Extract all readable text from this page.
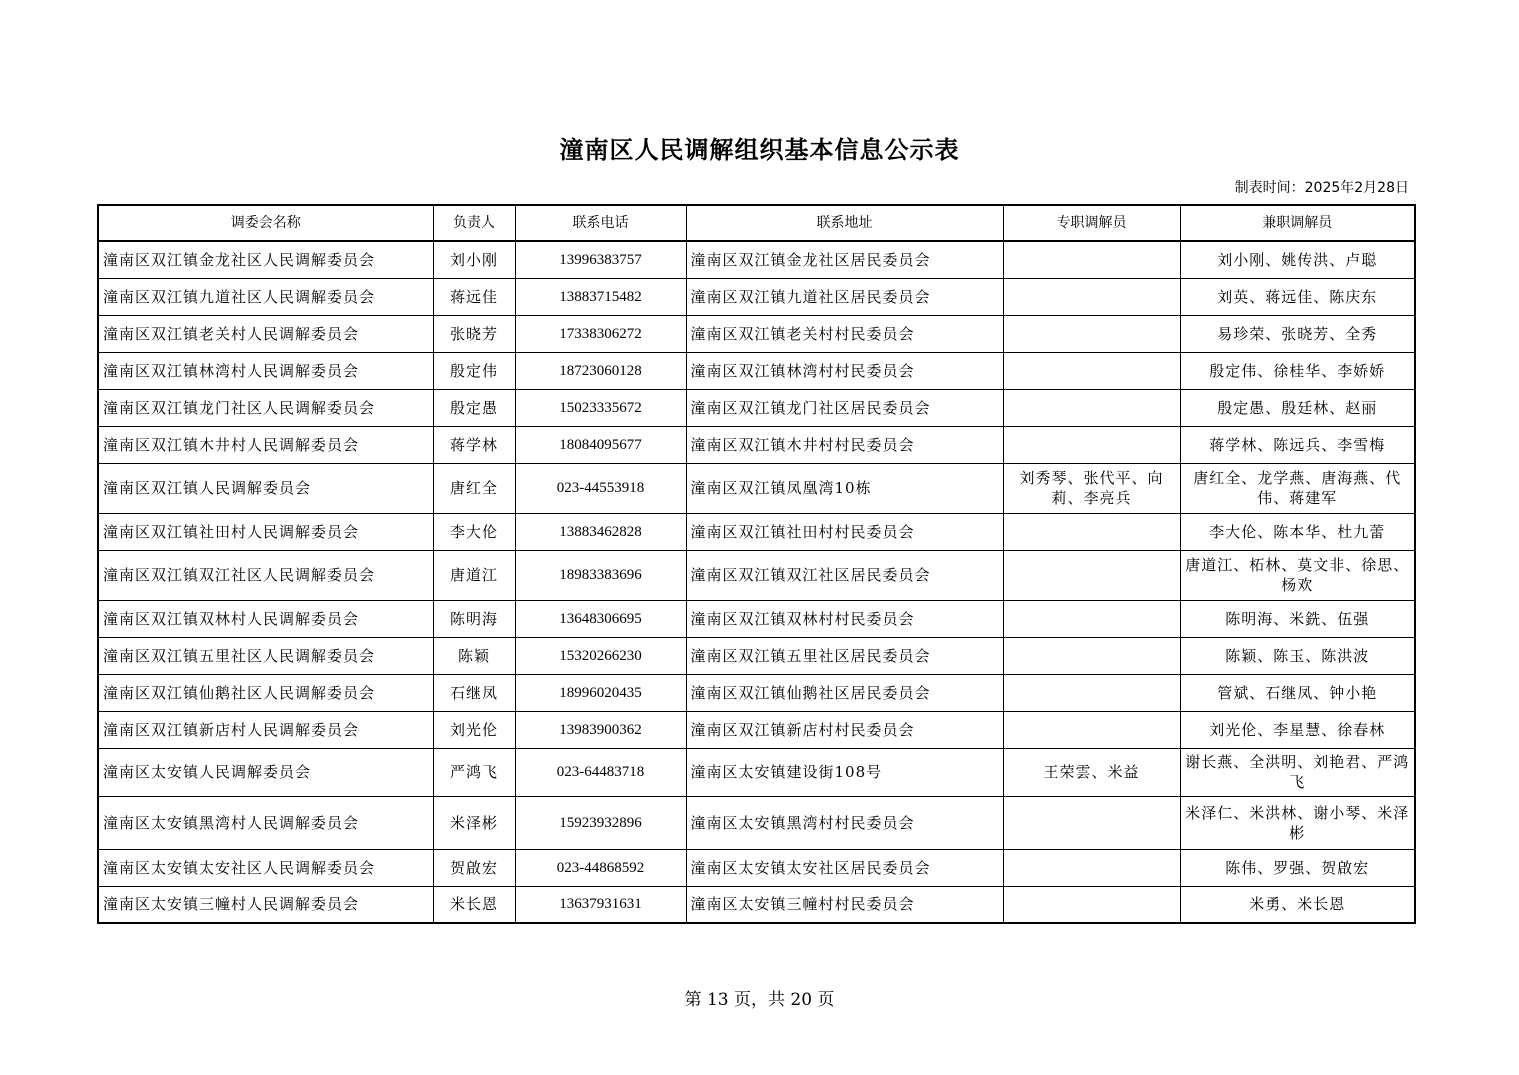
潼南区人民调解组织基本信息公示表
制表时间：2025年2月28日
调委会名称	负责人	联系电话	联系地址	专职调解员	兼职调解员
潼南区双江镇金龙社区人民调解委员会	刘小刚	13996383757	潼南区双江镇金龙社区居民委员会		刘小刚、姚传洪、卢聪
潼南区双江镇九道社区人民调解委员会	蒋远佳	13883715482	潼南区双江镇九道社区居民委员会		刘英、蒋远佳、陈庆东
潼南区双江镇老关村人民调解委员会	张晓芳	17338306272	潼南区双江镇老关村村民委员会		易珍荣、张晓芳、全秀
潼南区双江镇林湾村人民调解委员会	殷定伟	18723060128	潼南区双江镇林湾村村民委员会		殷定伟、徐桂华、李娇娇
潼南区双江镇龙门社区人民调解委员会	殷定愚	15023335672	潼南区双江镇龙门社区居民委员会		殷定愚、殷廷林、赵丽
潼南区双江镇木井村人民调解委员会	蒋学林	18084095677	潼南区双江镇木井村村民委员会		蒋学林、陈远兵、李雪梅
潼南区双江镇人民调解委员会	唐红全	023-44553918	潼南区双江镇凤凰湾10栋	刘秀琴、张代平、向莉、李亮兵	唐红全、龙学燕、唐海燕、代伟、蒋建军
潼南区双江镇社田村人民调解委员会	李大伦	13883462828	潼南区双江镇社田村村民委员会		李大伦、陈本华、杜九蕾
潼南区双江镇双江社区人民调解委员会	唐道江	18983383696	潼南区双江镇双江社区居民委员会		唐道江、柘林、莫文非、徐思、杨欢
潼南区双江镇双林村人民调解委员会	陈明海	13648306695	潼南区双江镇双林村村民委员会		陈明海、米銑、伍强
潼南区双江镇五里社区人民调解委员会	陈颖	15320266230	潼南区双江镇五里社区居民委员会		陈颖、陈玉、陈洪波
潼南区双江镇仙鹅社区人民调解委员会	石继凤	18996020435	潼南区双江镇仙鹅社区居民委员会		管斌、石继凤、钟小艳
潼南区双江镇新店村人民调解委员会	刘光伦	13983900362	潼南区双江镇新店村村民委员会		刘光伦、李星慧、徐春林
潼南区太安镇人民调解委员会	严鸿飞	023-64483718	潼南区太安镇建设街108号	王荣雲、米益	谢长燕、全洪明、刘艳君、严鸿飞
潼南区太安镇黑湾村人民调解委员会	米泽彬	15923932896	潼南区太安镇黑湾村村民委员会		米泽仁、米洪林、谢小琴、米泽彬
潼南区太安镇太安社区人民调解委员会	贺啟宏	023-44868592	潼南区太安镇太安社区居民委员会		陈伟、罗强、贺啟宏
潼南区太安镇三幢村人民调解委员会	米长恩	13637931631	潼南区太安镇三幢村村民委员会		米勇、米长恩
第 13 页，共 20 页
